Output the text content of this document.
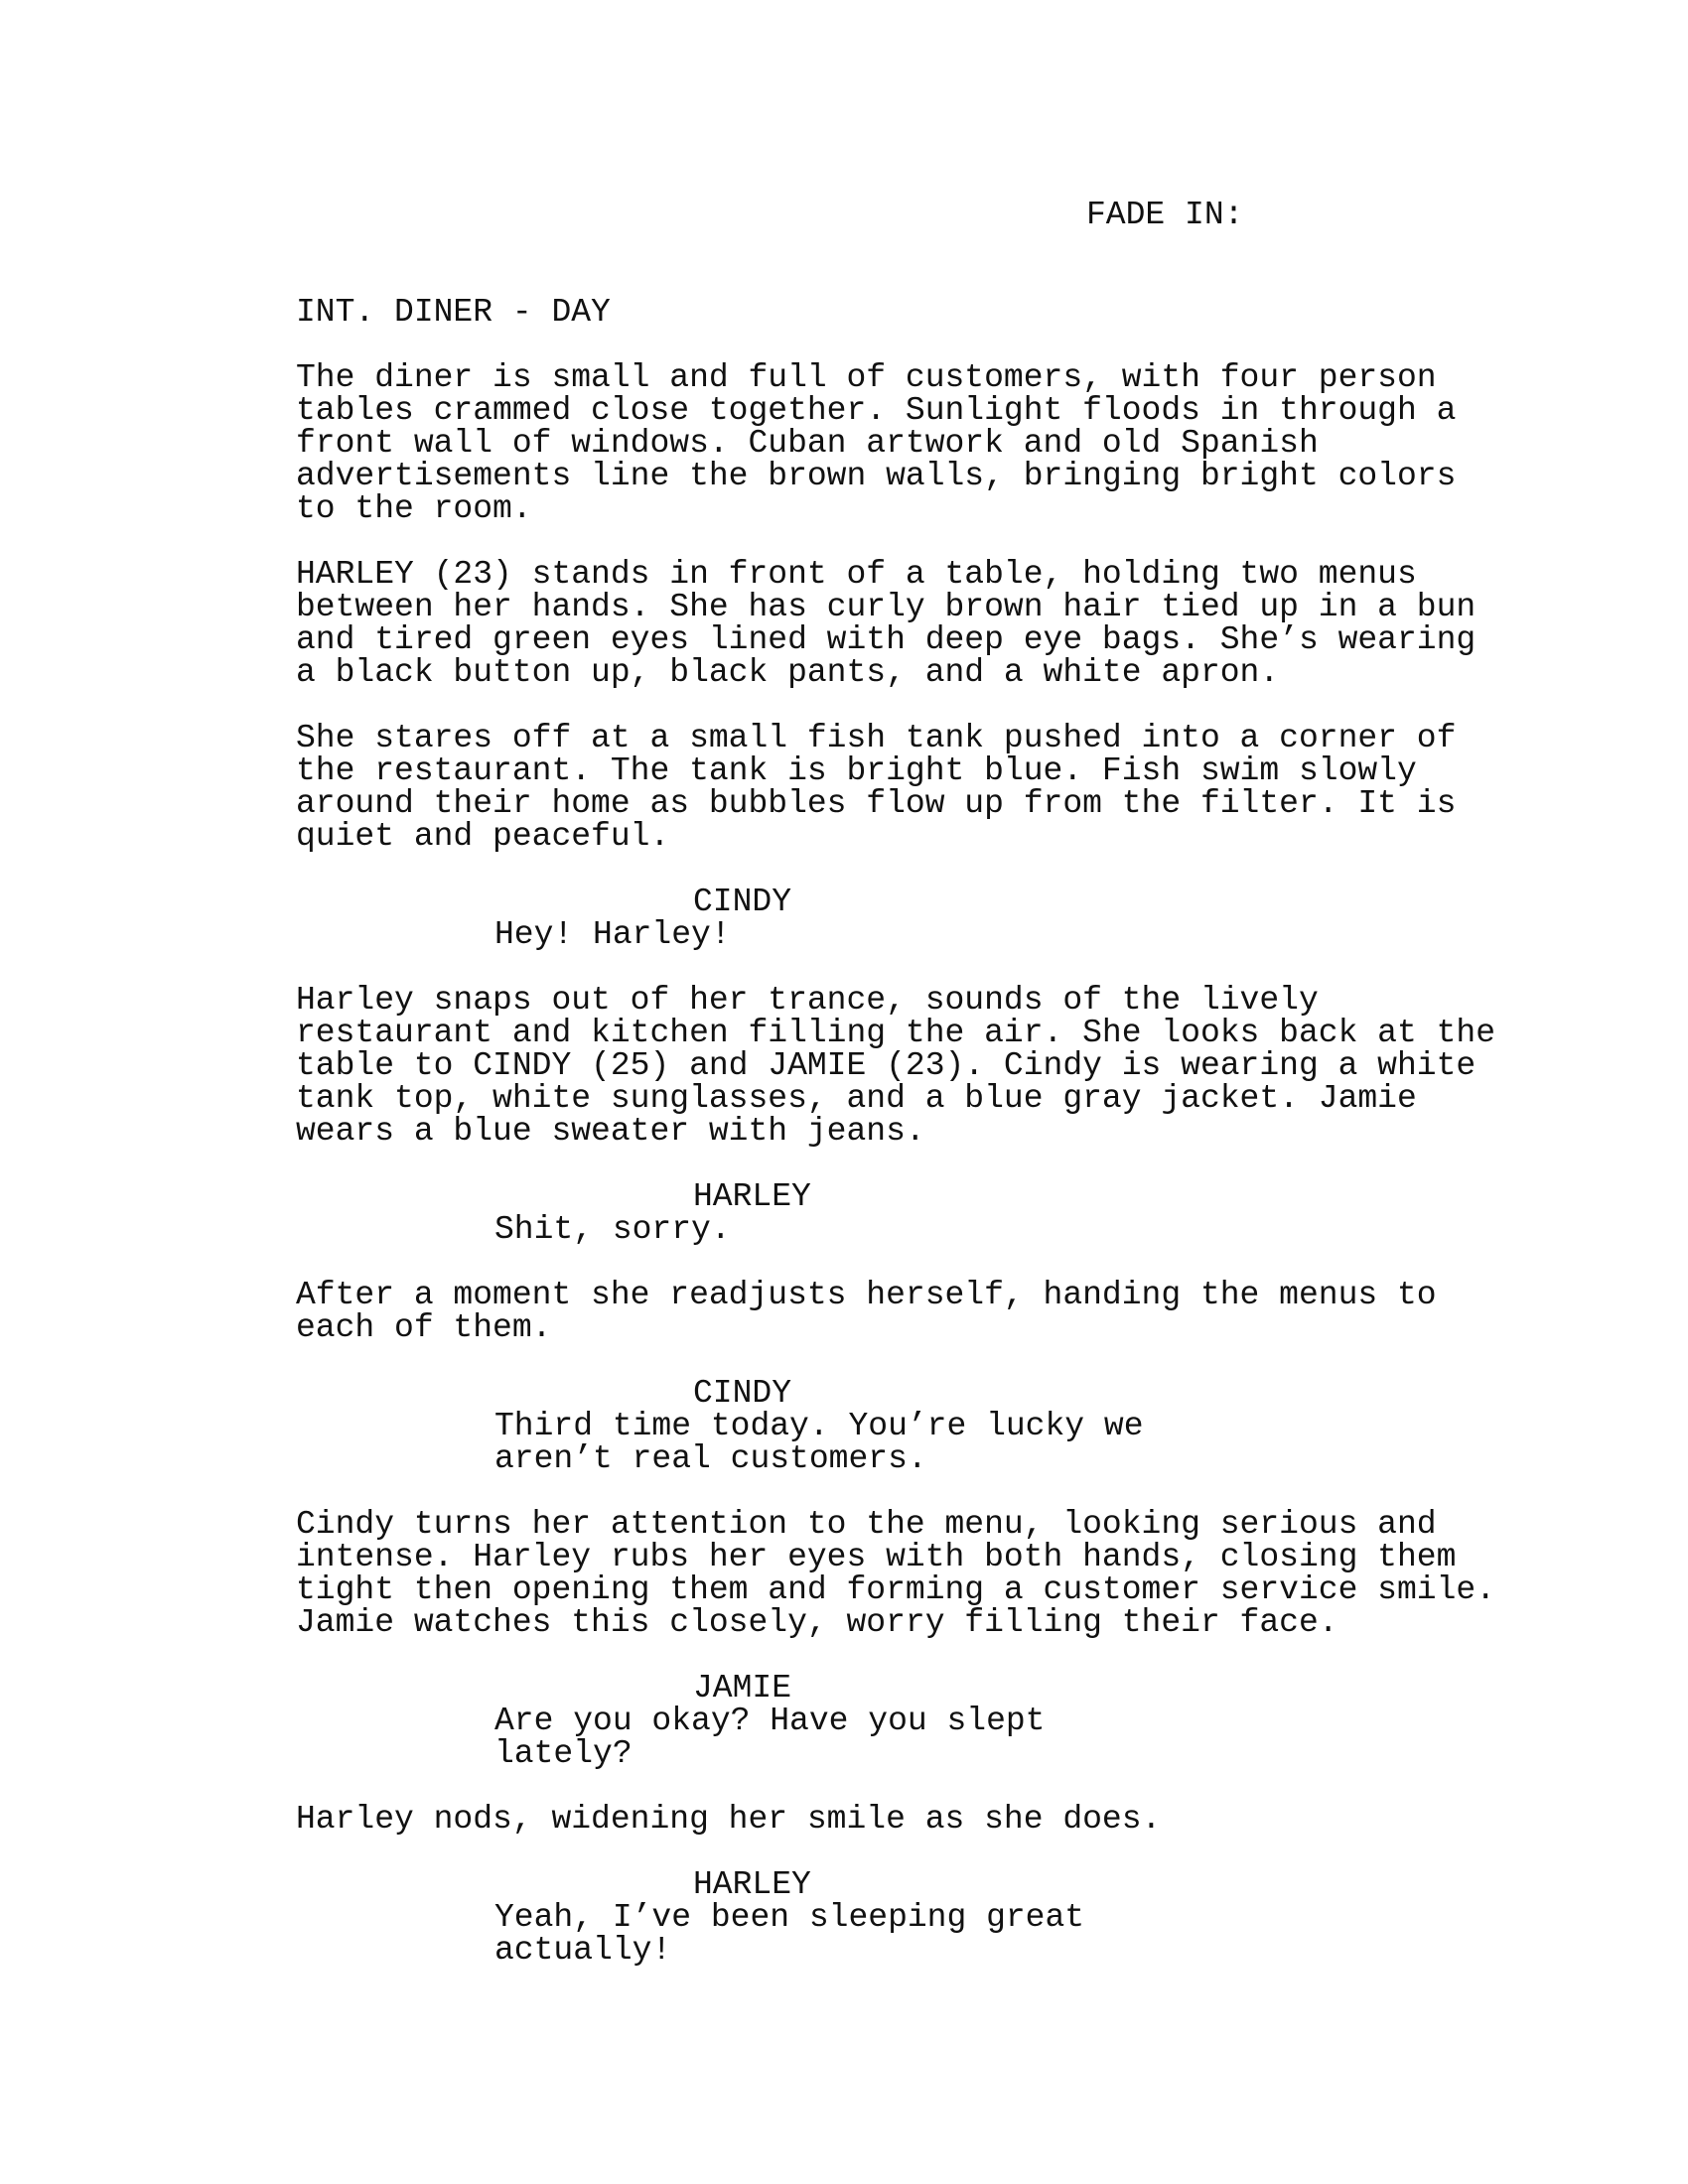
FADE IN:
INT. DINER - DAY
The diner is small and full of customers, with four person
tables crammed close together. Sunlight floods in through a
front wall of windows. Cuban artwork and old Spanish
advertisements line the brown walls, bringing bright colors
to the room.
HARLEY (23) stands in front of a table, holding two menus
between her hands. She has curly brown hair tied up in a bun
and tired green eyes lined with deep eye bags. She’s wearing
a black button up, black pants, and a white apron.
She stares off at a small fish tank pushed into a corner of
the restaurant. The tank is bright blue. Fish swim slowly
around their home as bubbles flow up from the filter. It is
quiet and peaceful.
CINDY
Hey! Harley!
Harley snaps out of her trance, sounds of the lively
restaurant and kitchen filling the air. She looks back at the
table to CINDY (25) and JAMIE (23). Cindy is wearing a white
tank top, white sunglasses, and a blue gray jacket. Jamie
wears a blue sweater with jeans.
HARLEY
Shit, sorry.
After a moment she readjusts herself, handing the menus to
each of them.
CINDY
Third time today. You’re lucky we
aren’t real customers.
Cindy turns her attention to the menu, looking serious and
intense. Harley rubs her eyes with both hands, closing them
tight then opening them and forming a customer service smile.
Jamie watches this closely, worry filling their face.
JAMIE
Are you okay? Have you slept
lately?
Harley nods, widening her smile as she does.
HARLEY
Yeah, I’ve been sleeping great
actually!
